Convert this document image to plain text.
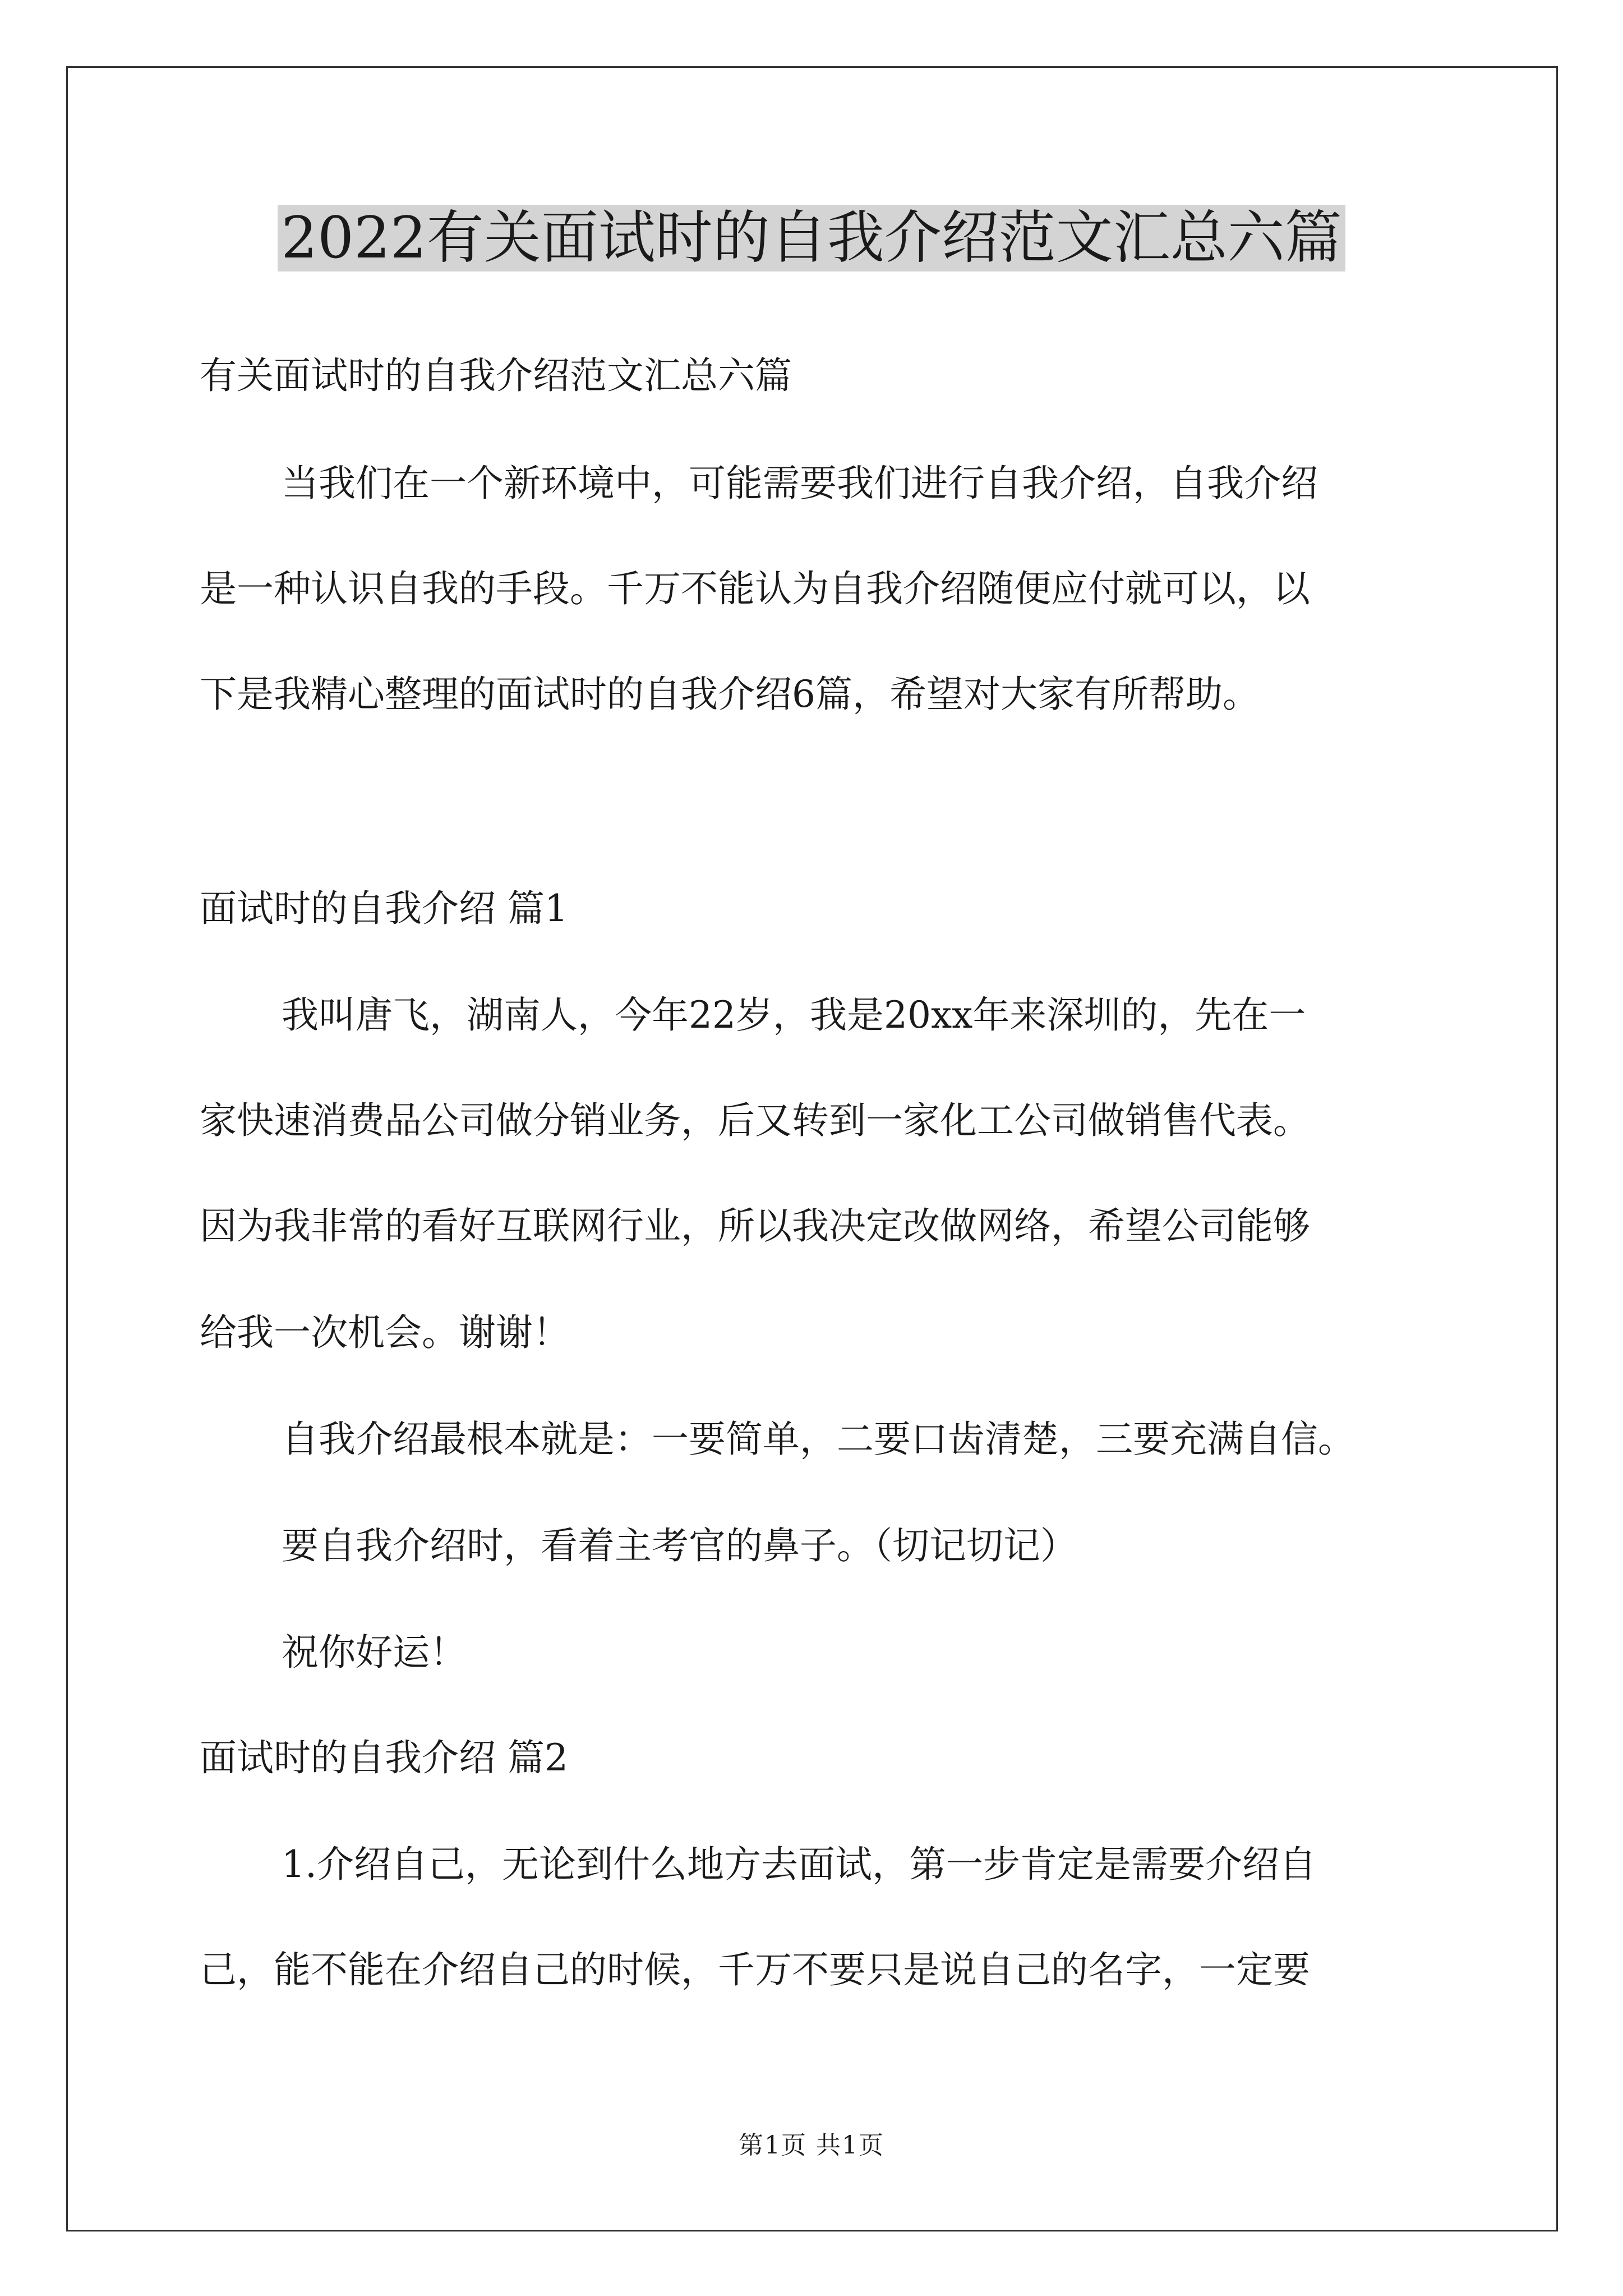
2022有关面试时的自我介绍范文汇总六篇

有关面试时的自我介绍范文汇总六篇

当我们在一个新环境中，可能需要我们进行自我介绍，自我介绍

是一种认识自我的手段。千万不能认为自我介绍随便应付就可以，以

下是我精心整理的面试时的自我介绍6篇，希望对大家有所帮助。

面试时的自我介绍 篇1

我叫唐飞，湖南人，今年22岁，我是20xx年来深圳的，先在一

家快速消费品公司做分销业务，后又转到一家化工公司做销售代表。

因为我非常的看好互联网行业，所以我决定改做网络，希望公司能够

给我一次机会。谢谢！

自我介绍最根本就是：一要简单，二要口齿清楚，三要充满自信。

要自我介绍时，看着主考官的鼻子。（切记切记）

祝你好运！

面试时的自我介绍 篇2

1.介绍自己，无论到什么地方去面试，第一步肯定是需要介绍自

己，能不能在介绍自己的时候，千万不要只是说自己的名字，一定要

第1页 共1页
